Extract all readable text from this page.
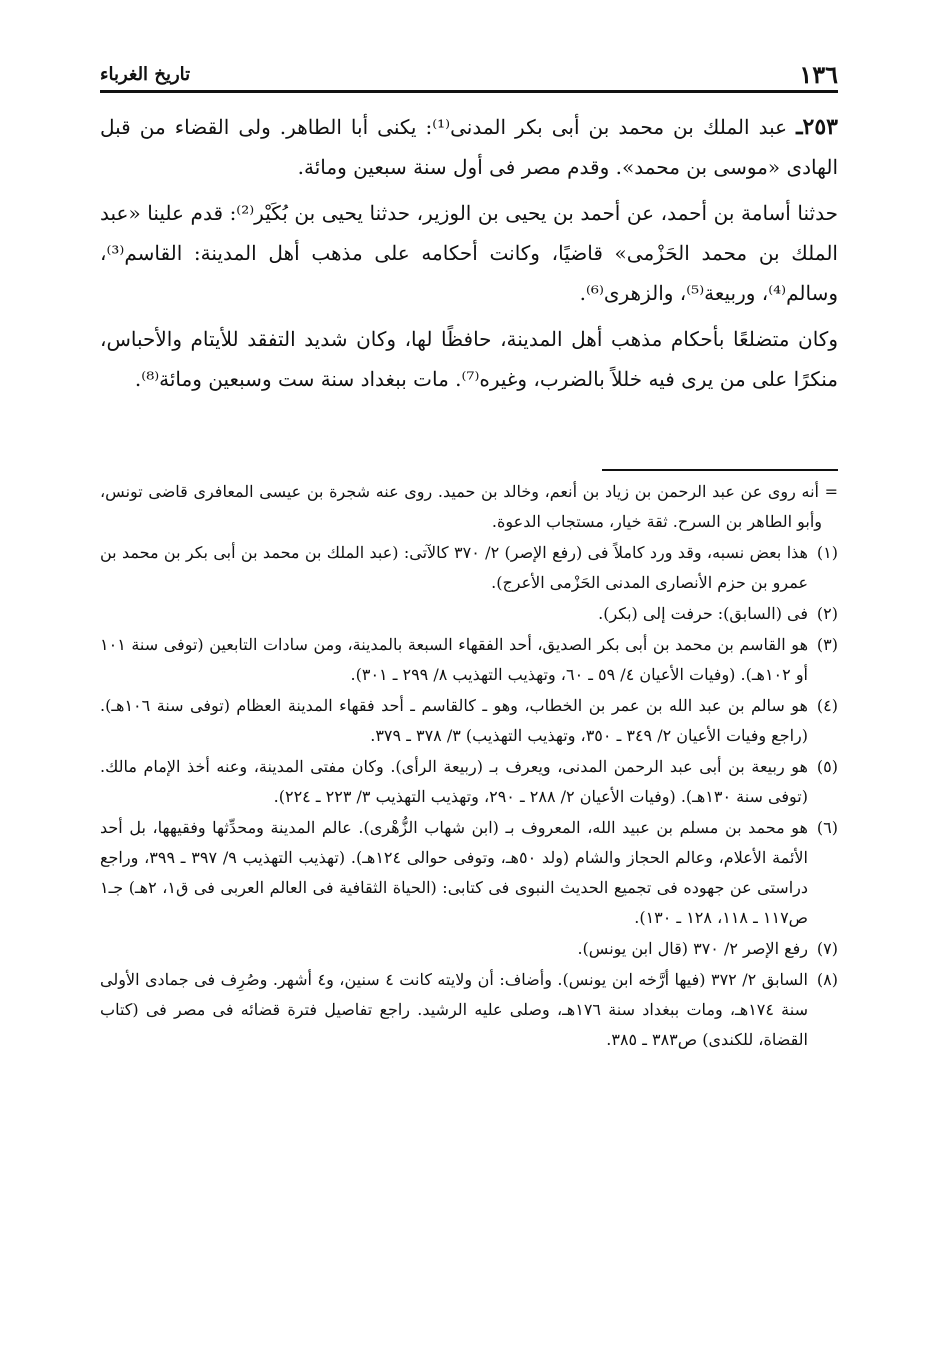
١٣٦
تاريخ الغرباء

٢٥٣ـ عبد الملك بن محمد بن أبى بكر المدنى⁽¹⁾: يكنى أبا الطاهر. ولى القضاء من قبل الهادى «موسى بن محمد». وقدم مصر فى أول سنة سبعين ومائة.

حدثنا أسامة بن أحمد، عن أحمد بن يحيى بن الوزير، حدثنا يحيى بن بُكَيْر⁽²⁾: قدم علينا «عبد الملك بن محمد الحَزْمى» قاضيًا، وكانت أحكامه على مذهب أهل المدينة: القاسم⁽³⁾، وسالم⁽⁴⁾، وربيعة⁽⁵⁾، والزهرى⁽⁶⁾.

وكان متضلعًا بأحكام مذهب أهل المدينة، حافظًا لها، وكان شديد التفقد للأيتام والأحباس، منكرًا على من يرى فيه خللاً بالضرب، وغيره⁽⁷⁾. مات ببغداد سنة ست وسبعين ومائة⁽⁸⁾.

= أنه روى عن عبد الرحمن بن زياد بن أنعم، وخالد بن حميد. روى عنه شجرة بن عيسى المعافرى قاضى تونس، وأبو الطاهر بن السرح. ثقة خيار، مستجاب الدعوة.

(١)هذا بعض نسبه، وقد ورد كاملاً فى (رفع الإصر) ٢/ ٣٧٠ كالآتى: (عبد الملك بن محمد بن أبى بكر بن محمد بن عمرو بن حزم الأنصارى المدنى الحَزْمى الأعرج).

(٢)فى (السابق): حرفت إلى (بكر).

(٣)هو القاسم بن محمد بن أبى بكر الصديق، أحد الفقهاء السبعة بالمدينة، ومن سادات التابعين (توفى سنة ١٠١ أو ١٠٢هـ). (وفيات الأعيان ٤/ ٥٩ ـ ٦٠، وتهذيب التهذيب ٨/ ٢٩٩ ـ ٣٠١).

(٤)هو سالم بن عبد الله بن عمر بن الخطاب، وهو ـ كالقاسم ـ أحد فقهاء المدينة العظام (توفى سنة ١٠٦هـ). (راجع وفيات الأعيان ٢/ ٣٤٩ ـ ٣٥٠، وتهذيب التهذيب) ٣/ ٣٧٨ ـ ٣٧٩.

(٥)هو ربيعة بن أبى عبد الرحمن المدنى، ويعرف بـ (ربيعة الرأى). وكان مفتى المدينة، وعنه أخذ الإمام مالك. (توفى سنة ١٣٠هـ). (وفيات الأعيان ٢/ ٢٨٨ ـ ٢٩٠، وتهذيب التهذيب ٣/ ٢٢٣ ـ ٢٢٤).

(٦)هو محمد بن مسلم بن عبيد الله، المعروف بـ (ابن شهاب الزُّهْرى). عالم المدينة ومحدِّثها وفقيهها، بل أحد الأئمة الأعلام، وعالم الحجاز والشام (ولد ٥٠هـ، وتوفى حوالى ١٢٤هـ). (تهذيب التهذيب ٩/ ٣٩٧ ـ ٣٩٩، وراجع دراستى عن جهوده فى تجميع الحديث النبوى فى كتابى: (الحياة الثقافية فى العالم العربى فى ق١، ٢هـ) جـ١ ص١١٧ ـ ١١٨، ١٢٨ ـ ١٣٠).

(٧)رفع الإصر ٢/ ٣٧٠ (قال ابن يونس).

(٨)السابق ٢/ ٣٧٢ (فيها أرَّخه ابن يونس). وأضاف: أن ولايته كانت ٤ سنين، و٤ أشهر. وصُرِف فى جمادى الأولى سنة ١٧٤هـ، ومات ببغداد سنة ١٧٦هـ، وصلى عليه الرشيد. راجع تفاصيل فترة قضائه فى مصر فى (كتاب القضاة، للكندى) ص٣٨٣ ـ ٣٨٥.
